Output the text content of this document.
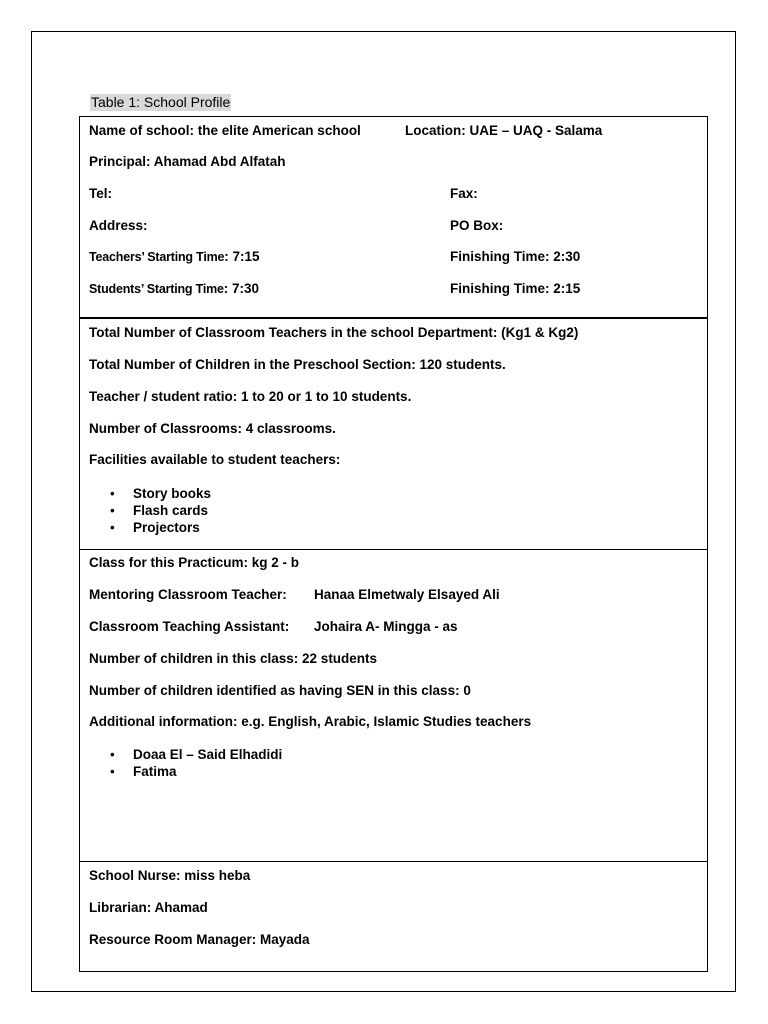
Table 1: School Profile
Name of school: the elite American school	Location: UAE – UAQ - Salama
Principal: Ahamad Abd Alfatah
Tel:	Fax:
Address:	PO Box:
Teachers’ Starting Time: 7:15	Finishing Time: 2:30
Students’ Starting Time: 7:30	Finishing Time: 2:15
Total Number of Classroom Teachers in the school Department: (Kg1 & Kg2)
Total Number of Children in the Preschool Section: 120 students.
Teacher / student ratio: 1 to 20 or 1 to 10 students.
Number of Classrooms: 4 classrooms.
Facilities available to student teachers:
• Story books
• Flash cards
• Projectors
Class for this Practicum: kg 2 - b
Mentoring Classroom Teacher: Hanaa Elmetwaly Elsayed Ali
Classroom Teaching Assistant: Johaira A- Mingga - as
Number of children in this class: 22 students
Number of children identified as having SEN in this class: 0
Additional information: e.g. English, Arabic, Islamic Studies teachers
• Doaa El – Said Elhadidi
• Fatima
School Nurse: miss heba
Librarian: Ahamad
Resource Room Manager: Mayada
